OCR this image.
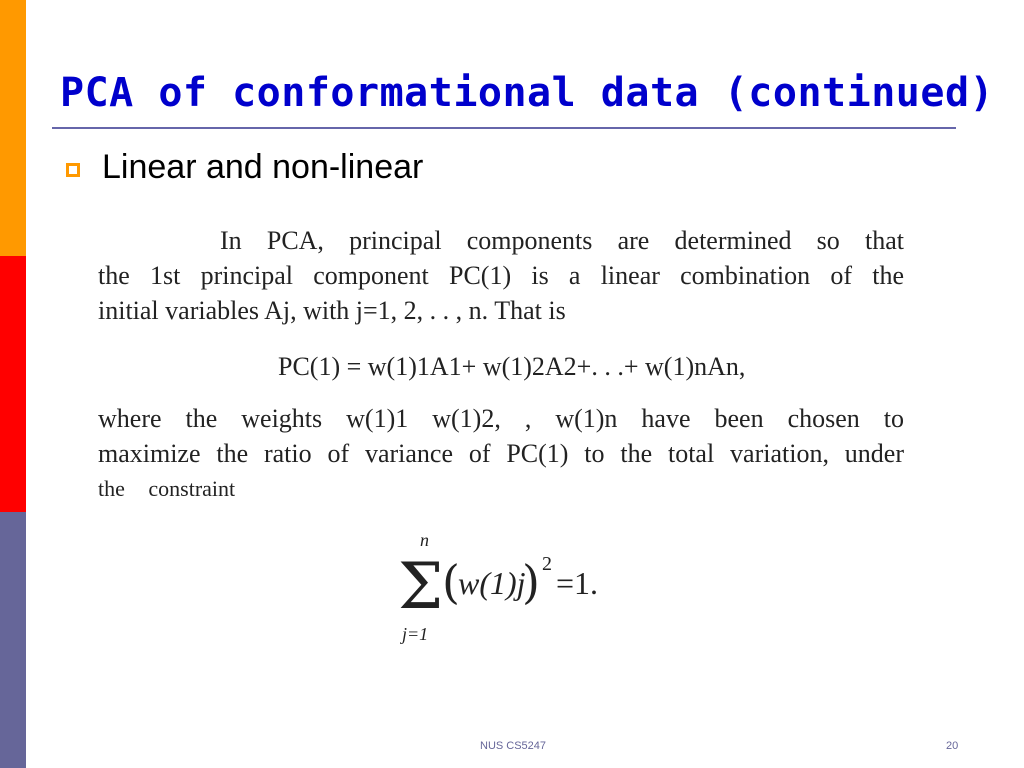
PCA of conformational data (continued)
Linear and non-linear
In PCA, principal components are determined so that
the 1st principal component PC(1) is a linear combination of the
initial variables Aj, with j=1, 2, . . , n. That is
PC(1) = w(1)1A1+ w(1)2A2+. . .+ w(1)nAn,
where the weights w(1)1 w(1)2, , w(1)n have been chosen to
maximize the ratio of variance of PC(1) to the total variation, under
the constraint
n
Σ
j=1
(
w(1)j
) 2
=1.
NUS CS5247	20
